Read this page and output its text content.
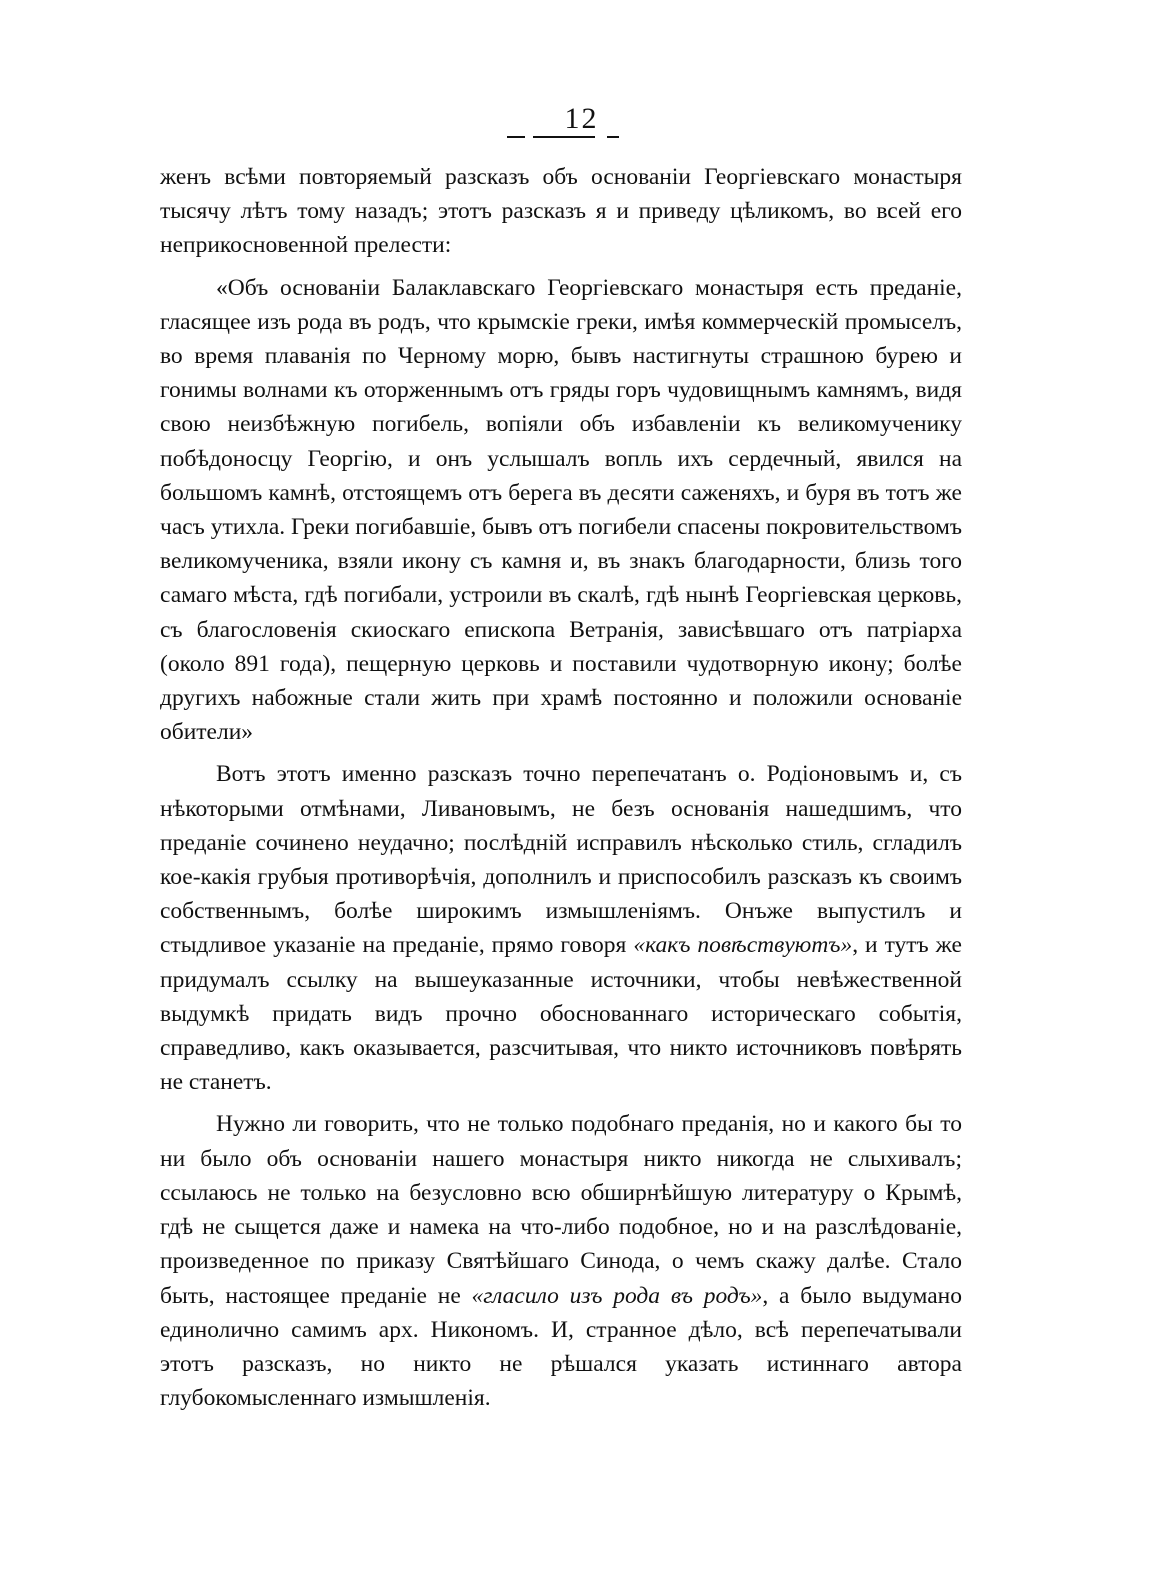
12

женъ всѣми повторяемый разсказъ объ основаніи Георгіевскаго монастыря тысячу лѣтъ тому назадъ; этотъ разсказъ я и приведу цѣликомъ, во всей его неприкосновенной прелести:

«Объ основаніи Балаклавскаго Георгіевскаго монастыря есть преданіе, гласящее изъ рода въ родъ, что крымскіе греки, имѣя коммерческій промыселъ, во время плаванія по Черному морю, бывъ настигнуты страшною бурею и гонимы волнами къ оторженнымъ отъ гряды горъ чудовищнымъ камнямъ, видя свою неизбѣжную погибель, вопіяли объ избавленіи къ великомученику побѣдоносцу Георгію, и онъ услышалъ вопль ихъ сердечный, явился на большомъ камнѣ, отстоящемъ отъ берега въ десяти саженяхъ, и буря въ тотъ же часъ утихла. Греки погибавшіе, бывъ отъ погибели спасены покровительствомъ великомученика, взяли икону съ камня и, въ знакъ благодарности, близь того самаго мѣста, гдѣ погибали, устроили въ скалѣ, гдѣ нынѣ Георгіевская церковь, съ благословенія скиоскаго епископа Ветранія, зависѣвшаго отъ патріарха (около 891 года), пещерную церковь и поставили чудотворную икону; болѣе другихъ набожные стали жить при храмѣ постоянно и положили основаніе обители»

Вотъ этотъ именно разсказъ точно перепечатанъ о. Родіоновымъ и, съ нѣкоторыми отмѣнами, Ливановымъ, не безъ основанія нашедшимъ, что преданіе сочинено неудачно; послѣдній исправилъ нѣсколько стиль, сгладилъ кое-какія грубыя противорѣчія, дополнилъ и приспособилъ разсказъ къ своимъ собственнымъ, болѣе широкимъ измышленіямъ. Онъже выпустилъ и стыдливое указаніе на преданіе, прямо говоря «какъ повѣствуютъ», и тутъ же придумалъ ссылку на вышеуказанные источники, чтобы невѣжественной выдумкѣ придать видъ прочно обоснованнаго историческаго событія, справедливо, какъ оказывается, разсчитывая, что никто источниковъ повѣрять не станетъ.

Нужно ли говорить, что не только подобнаго преданія, но и какого бы то ни было объ основаніи нашего монастыря никто никогда не слыхивалъ; ссылаюсь не только на безусловно всю обширнѣйшую литературу о Крымѣ, гдѣ не сыщется даже и намека на что-либо подобное, но и на разслѣдованіе, произведенное по приказу Святѣйшаго Синода, о чемъ скажу далѣе. Стало быть, настоящее преданіе не «гласило изъ рода въ родъ», а было выдумано единолично самимъ арх. Никономъ. И, странное дѣло, всѣ перепечатывали этотъ разсказъ, но никто не рѣшался указать истиннаго автора глубокомысленнаго измышленія.
